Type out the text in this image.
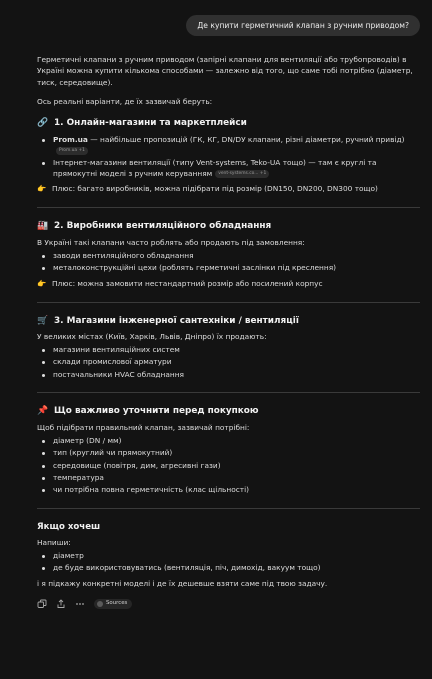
Де купити герметичний клапан з ручним приводом?

Герметичні клапани з ручним приводом (запірні клапани для вентиляції або трубопроводів) в Україні можна купити кількома способами — залежно від того, що саме тобі потрібно (діаметр, тиск, середовище).

Ось реальні варіанти, де їх зазвичай беруть:

🔗 1. Онлайн-магазини та маркетплейси
Prom.ua — найбільше пропозицій (ГК, КГ, DN/DУ клапани, різні діаметри, ручний привід)Prom.ua +1
Інтернет-магазини вентиляції (типу Vent-systems, Teko-UA тощо) — там є круглі та прямокутні моделі з ручним керуванням vent-systems.co... +1
👉 Плюс: багато виробників, можна підібрати під розмір (DN150, DN200, DN300 тощо)
🏭 2. Виробники вентиляційного обладнання

В Україні такі клапани часто роблять або продають під замовлення:

заводи вентиляційного обладнання
металоконструкційні цехи (роблять герметичні заслінки під креслення)
👉 Плюс: можна замовити нестандартний розмір або посилений корпус
🛒 3. Магазини інженерної сантехніки / вентиляції

У великих містах (Київ, Харків, Львів, Дніпро) їх продають:

магазини вентиляційних систем
склади промислової арматури
постачальники HVAC обладнання
📌 Що важливо уточнити перед покупкою

Щоб підібрати правильний клапан, зазвичай потрібні:

діаметр (DN / мм)
тип (круглий чи прямокутний)
середовище (повітря, дим, агресивні гази)
температура
чи потрібна повна герметичність (клас щільності)
Якщо хочеш

Напиши:

діаметр
де буде використовуватись (вентиляція, піч, димохід, вакуум тощо)

і я підкажу конкретні моделі і де їх дешевше взяти саме під твою задачу.

Sources
